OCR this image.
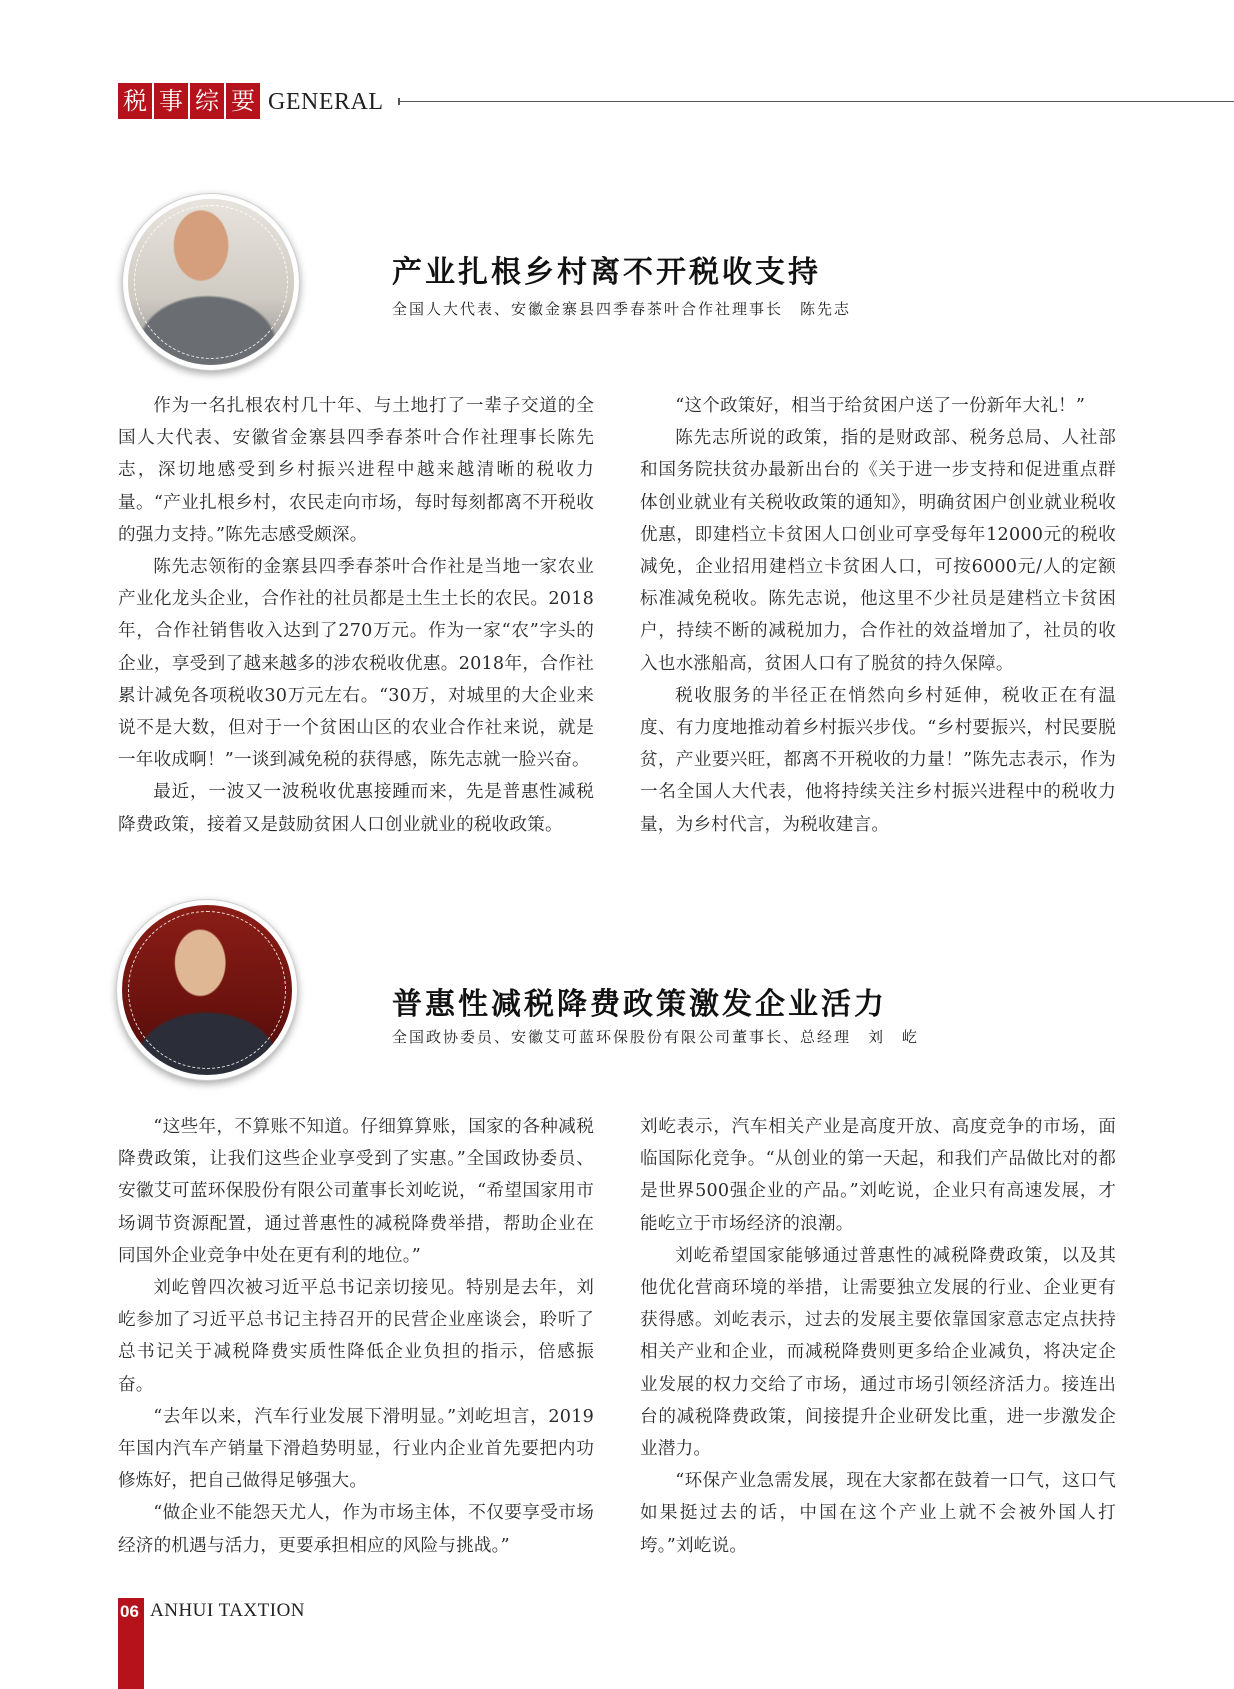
税 事 综 要 GENERAL
产业扎根乡村离不开税收支持
全国人大代表、安徽金寨县四季春茶叶合作社理事长　陈先志

作为一名扎根农村几十年、与土地打了一辈子交道的全国人大代表、安徽省金寨县四季春茶叶合作社理事长陈先志，深切地感受到乡村振兴进程中越来越清晰的税收力量。“产业扎根乡村，农民走向市场，每时每刻都离不开税收的强力支持。”陈先志感受颇深。

陈先志领衔的金寨县四季春茶叶合作社是当地一家农业产业化龙头企业，合作社的社员都是土生土长的农民。2018年，合作社销售收入达到了270万元。作为一家“农”字头的企业，享受到了越来越多的涉农税收优惠。2018年，合作社累计减免各项税收30万元左右。“30万，对城里的大企业来说不是大数，但对于一个贫困山区的农业合作社来说，就是一年收成啊！”一谈到减免税的获得感，陈先志就一脸兴奋。

最近，一波又一波税收优惠接踵而来，先是普惠性减税降费政策，接着又是鼓励贫困人口创业就业的税收政策。

“这个政策好，相当于给贫困户送了一份新年大礼！”

陈先志所说的政策，指的是财政部、税务总局、人社部和国务院扶贫办最新出台的《关于进一步支持和促进重点群体创业就业有关税收政策的通知》，明确贫困户创业就业税收优惠，即建档立卡贫困人口创业可享受每年12000元的税收减免，企业招用建档立卡贫困人口，可按6000元/人的定额标准减免税收。陈先志说，他这里不少社员是建档立卡贫困户，持续不断的减税加力，合作社的效益增加了，社员的收入也水涨船高，贫困人口有了脱贫的持久保障。

税收服务的半径正在悄然向乡村延伸，税收正在有温度、有力度地推动着乡村振兴步伐。“乡村要振兴，村民要脱贫，产业要兴旺，都离不开税收的力量！”陈先志表示，作为一名全国人大代表，他将持续关注乡村振兴进程中的税收力量，为乡村代言，为税收建言。

普惠性减税降费政策激发企业活力
全国政协委员、安徽艾可蓝环保股份有限公司董事长、总经理　刘　屹

“这些年，不算账不知道。仔细算算账，国家的各种减税降费政策，让我们这些企业享受到了实惠。”全国政协委员、安徽艾可蓝环保股份有限公司董事长刘屹说，“希望国家用市场调节资源配置，通过普惠性的减税降费举措，帮助企业在同国外企业竞争中处在更有利的地位。”

刘屹曾四次被习近平总书记亲切接见。特别是去年，刘屹参加了习近平总书记主持召开的民营企业座谈会，聆听了总书记关于减税降费实质性降低企业负担的指示，倍感振奋。

“去年以来，汽车行业发展下滑明显。”刘屹坦言，2019年国内汽车产销量下滑趋势明显，行业内企业首先要把内功修炼好，把自己做得足够强大。

“做企业不能怨天尤人，作为市场主体，不仅要享受市场经济的机遇与活力，更要承担相应的风险与挑战。”

刘屹表示，汽车相关产业是高度开放、高度竞争的市场，面临国际化竞争。“从创业的第一天起，和我们产品做比对的都是世界500强企业的产品。”刘屹说，企业只有高速发展，才能屹立于市场经济的浪潮。

刘屹希望国家能够通过普惠性的减税降费政策，以及其他优化营商环境的举措，让需要独立发展的行业、企业更有获得感。刘屹表示，过去的发展主要依靠国家意志定点扶持相关产业和企业，而减税降费则更多给企业减负，将决定企业发展的权力交给了市场，通过市场引领经济活力。接连出台的减税降费政策，间接提升企业研发比重，进一步激发企业潜力。

“环保产业急需发展，现在大家都在鼓着一口气，这口气如果挺过去的话，中国在这个产业上就不会被外国人打垮。”刘屹说。

06 ANHUI TAXTION
